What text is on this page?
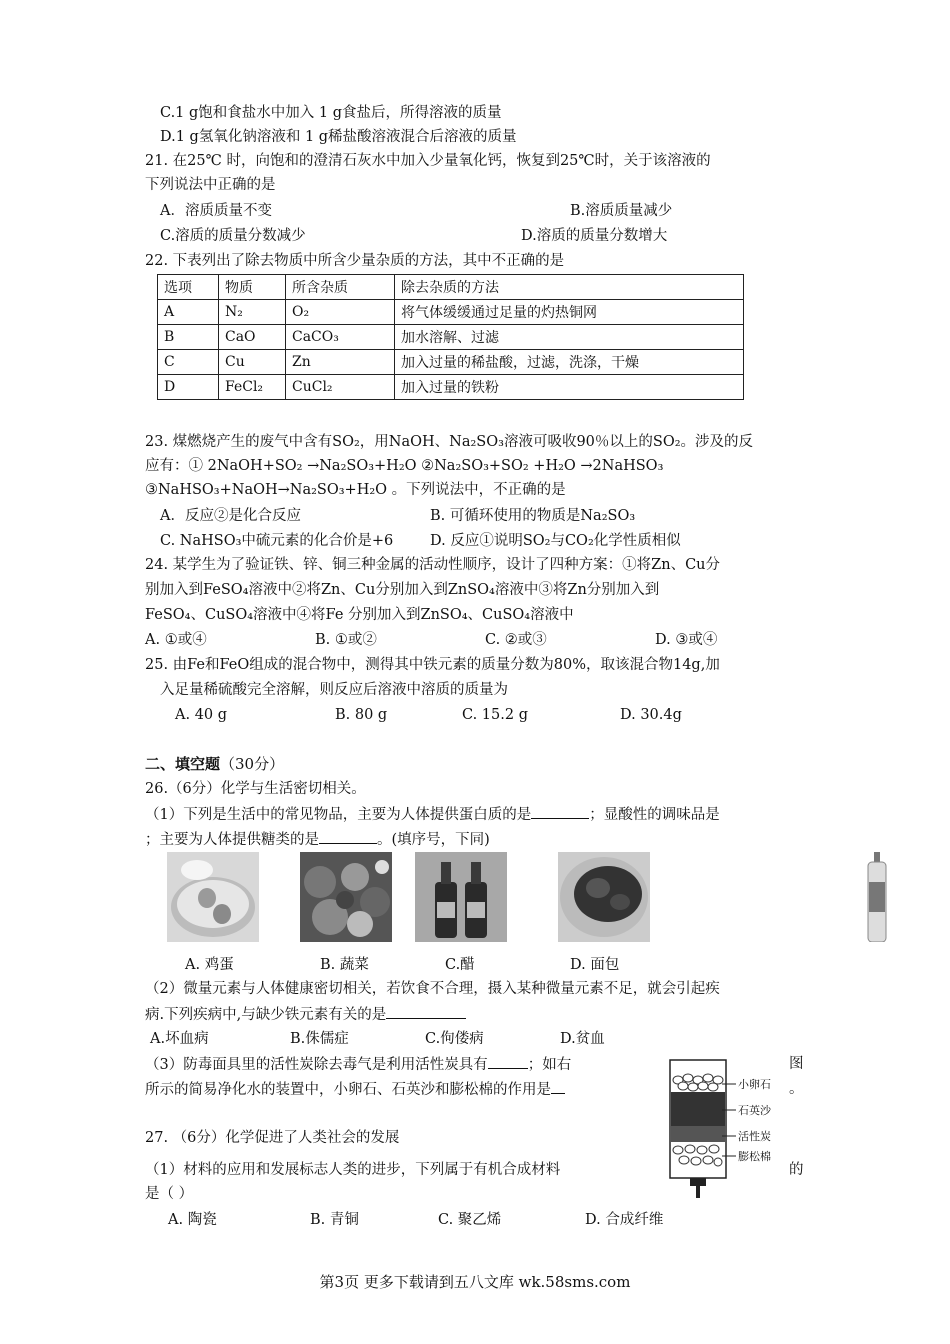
C.1 g饱和食盐水中加入 1 g食盐后，所得溶液的质量
D.1 g氢氧化钠溶液和 1 g稀盐酸溶液混合后溶液的质量
21. 在25℃ 时，向饱和的澄清石灰水中加入少量氧化钙，恢复到25℃时，关于该溶液的
下列说法中正确的是
A．溶质质量不变	B.溶质质量减少
C.溶质的质量分数减少	D.溶质的质量分数增大
22. 下表列出了除去物质中所含少量杂质的方法，其中不正确的是
选项	物质	所含杂质	除去杂质的方法
A	N₂	O₂	将气体缓缓通过足量的灼热铜网
B	CaO	CaCO₃	加水溶解、过滤
C	Cu	Zn	加入过量的稀盐酸，过滤，洗涤，干燥
D	FeCl₂	CuCl₂	加入过量的铁粉
23. 煤燃烧产生的废气中含有SO₂，用NaOH、Na₂SO₃溶液可吸收90％以上的SO₂。涉及的反
应有：① 2NaOH+SO₂ →Na₂SO₃+H₂O ②Na₂SO₃+SO₂ +H₂O →2NaHSO₃
③NaHSO₃+NaOH→Na₂SO₃+H₂O 。下列说法中，不正确的是
A．反应②是化合反应	B. 可循环使用的物质是Na₂SO₃
C. NaHSO₃中硫元素的化合价是+6	D. 反应①说明SO₂与CO₂化学性质相似
24. 某学生为了验证铁、锌、铜三种金属的活动性顺序，设计了四种方案：①将Zn、Cu分
别加入到FeSO₄溶液中②将Zn、Cu分别加入到ZnSO₄溶液中③将Zn分别加入到
FeSO₄、CuSO₄溶液中④将Fe 分别加入到ZnSO₄、CuSO₄溶液中
A. ①或④	B. ①或②	C. ②或③	D. ③或④
25. 由Fe和FeO组成的混合物中，测得其中铁元素的质量分数为80%，取该混合物14g,加
入足量稀硫酸完全溶解，则反应后溶液中溶质的质量为
A. 40 g	B. 80 g	C. 15.2 g	D. 30.4g
二、填空题（30分）
26.（6分）化学与生活密切相关。
（1）下列是生活中的常见物品，主要为人体提供蛋白质的是	；显酸性的调味品是
；主要为人体提供糖类的是	。(填序号，下同)
A. 鸡蛋	B. 蔬菜	C.醋	D. 面包
（2）微量元素与人体健康密切相关，若饮食不合理，摄入某种微量元素不足，就会引起疾
病.下列疾病中,与缺少铁元素有关的是
A.坏血病	B.侏儒症	C.佝偻病	D.贫血
（3）防毒面具里的活性炭除去毒气是利用活性炭具有	；如右	图
所示的简易净化水的装置中，小卵石、石英沙和膨松棉的作用是	。
小卵石
石英沙
活性炭
膨松棉
27. （6分）化学促进了人类社会的发展
（1）材料的应用和发展标志人类的进步，下列属于有机合成材料	的
是（ ）
A. 陶瓷	B. 青铜	C. 聚乙烯	D. 合成纤维
第3页 更多下载请到五八文库 wk.58sms.com
